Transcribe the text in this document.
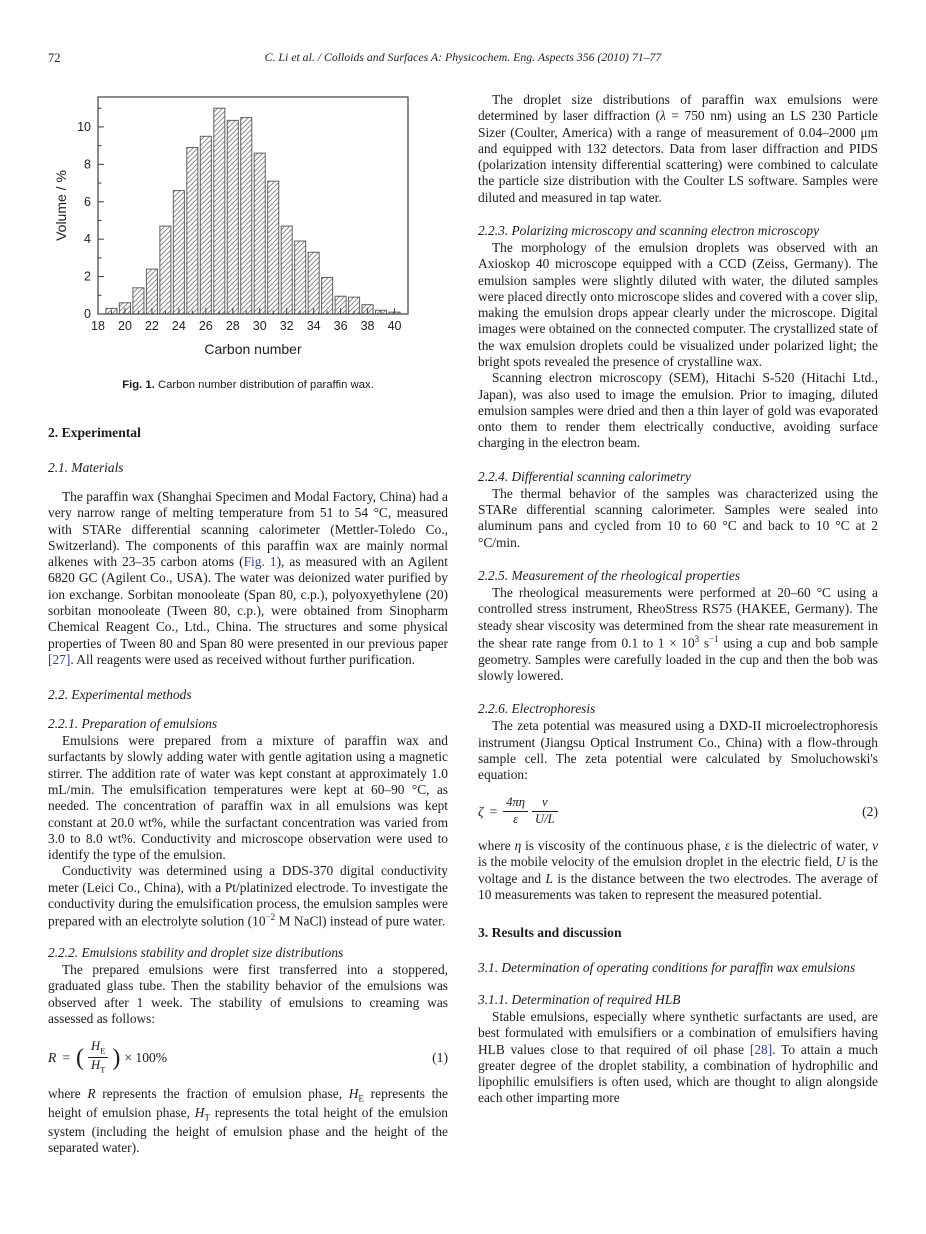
72	C. Li et al. / Colloids and Surfaces A: Physicochem. Eng. Aspects 356 (2010) 71–77
18 20 22 24 26 28 30 32 34 36 38 40
0
2
4
6
8
10
Carbon number
Volume / %
Fig. 1. Carbon number distribution of paraffin wax.
2. Experimental
2.1. Materials

The paraffin wax (Shanghai Specimen and Modal Factory, China) had a very narrow range of melting temperature from 51 to 54 °C, measured with STARe differential scanning calorimeter (Mettler-Toledo Co., Switzerland). The components of this paraffin wax are mainly normal alkenes with 23–35 carbon atoms (Fig. 1), as measured with an Agilent 6820 GC (Agilent Co., USA). The water was deionized water purified by ion exchange. Sorbitan monooleate (Span 80, c.p.), polyoxyethylene (20) sorbitan monooleate (Tween 80, c.p.), were obtained from Sinopharm Chemical Reagent Co., Ltd., China. The structures and some physical properties of Tween 80 and Span 80 were presented in our previous paper [27]. All reagents were used as received without further purification.

2.2. Experimental methods
2.2.1. Preparation of emulsions

Emulsions were prepared from a mixture of paraffin wax and surfactants by slowly adding water with gentle agitation using a magnetic stirrer. The addition rate of water was kept constant at approximately 1.0 mL/min. The emulsification temperatures were kept at 60–90 °C, as needed. The concentration of paraffin wax in all emulsions was kept constant at 20.0 wt%, while the surfactant concentration was varied from 3.0 to 8.0 wt%. Conductivity and microscope observation were used to identify the type of the emulsion.

Conductivity was determined using a DDS-370 digital conductivity meter (Leici Co., China), with a Pt/platinized electrode. To investigate the conductivity during the emulsification process, the emulsion samples were prepared with an electrolyte solution ($10^{-2}$ M NaCl) instead of pure water.

2.2.2. Emulsions stability and droplet size distributions

The prepared emulsions were first transferred into a stoppered, graduated glass tube. Then the stability behavior of the emulsions was observed after 1 week. The stability of emulsions to creaming was assessed as follows:

R = ( $\frac{H_E}{H_T}$ ) × 100%	(1)

where R represents the fraction of emulsion phase, $H_E$ represents the height of emulsion phase, $H_T$ represents the total height of the emulsion system (including the height of emulsion phase and the height of the separated water).

The droplet size distributions of paraffin wax emulsions were determined by laser diffraction (λ = 750 nm) using an LS 230 Particle Sizer (Coulter, America) with a range of measurement of 0.04–2000 μm and equipped with 132 detectors. Data from laser diffraction and PIDS (polarization intensity differential scattering) were combined to calculate the particle size distribution with the Coulter LS software. Samples were diluted and measured in tap water.

2.2.3. Polarizing microscopy and scanning electron microscopy

The morphology of the emulsion droplets was observed with an Axioskop 40 microscope equipped with a CCD (Zeiss, Germany). The emulsion samples were slightly diluted with water, the diluted samples were placed directly onto microscope slides and covered with a cover slip, making the emulsion drops appear clearly under the microscope. Digital images were obtained on the connected computer. The crystallized state of the wax emulsion droplets could be visualized under polarized light; the bright spots revealed the presence of crystalline wax.

Scanning electron microscopy (SEM), Hitachi S-520 (Hitachi Ltd., Japan), was also used to image the emulsion. Prior to imaging, diluted emulsion samples were dried and then a thin layer of gold was evaporated onto them to render them electrically conductive, avoiding surface charging in the electron beam.

2.2.4. Differential scanning calorimetry

The thermal behavior of the samples was characterized using the STARe differential scanning calorimeter. Samples were sealed into aluminum pans and cycled from 10 to 60 °C and back to 10 °C at 2 °C/min.

2.2.5. Measurement of the rheological properties

The rheological measurements were performed at 20–60 °C using a controlled stress instrument, RheoStress RS75 (HAKEE, Germany). The steady shear viscosity was determined from the shear rate measurement in the shear rate range from 0.1 to $1 \times 10^3$ $s^{-1}$ using a cup and bob sample geometry. Samples were carefully loaded in the cup and then the bob was slowly lowered.

2.2.6. Electrophoresis

The zeta potential was measured using a DXD-II microelectrophoresis instrument (Jiangsu Optical Instrument Co., China) with a flow-through sample cell. The zeta potential were calculated by Smoluchowski's equation:

$\zeta = \frac{4\pi\eta}{\varepsilon} \frac{\nu}{U/L}$	(2)

where η is viscosity of the continuous phase, ε is the dielectric of water, ν is the mobile velocity of the emulsion droplet in the electric field, U is the voltage and L is the distance between the two electrodes. The average of 10 measurements was taken to represent the measured potential.

3. Results and discussion
3.1. Determination of operating conditions for paraffin wax emulsions
3.1.1. Determination of required HLB

Stable emulsions, especially where synthetic surfactants are used, are best formulated with emulsifiers or a combination of emulsifiers having HLB values close to that required of oil phase [28]. To attain a much greater degree of the droplet stability, a combination of hydrophilic and lipophilic emulsifiers is often used, which are thought to align alongside each other imparting more
